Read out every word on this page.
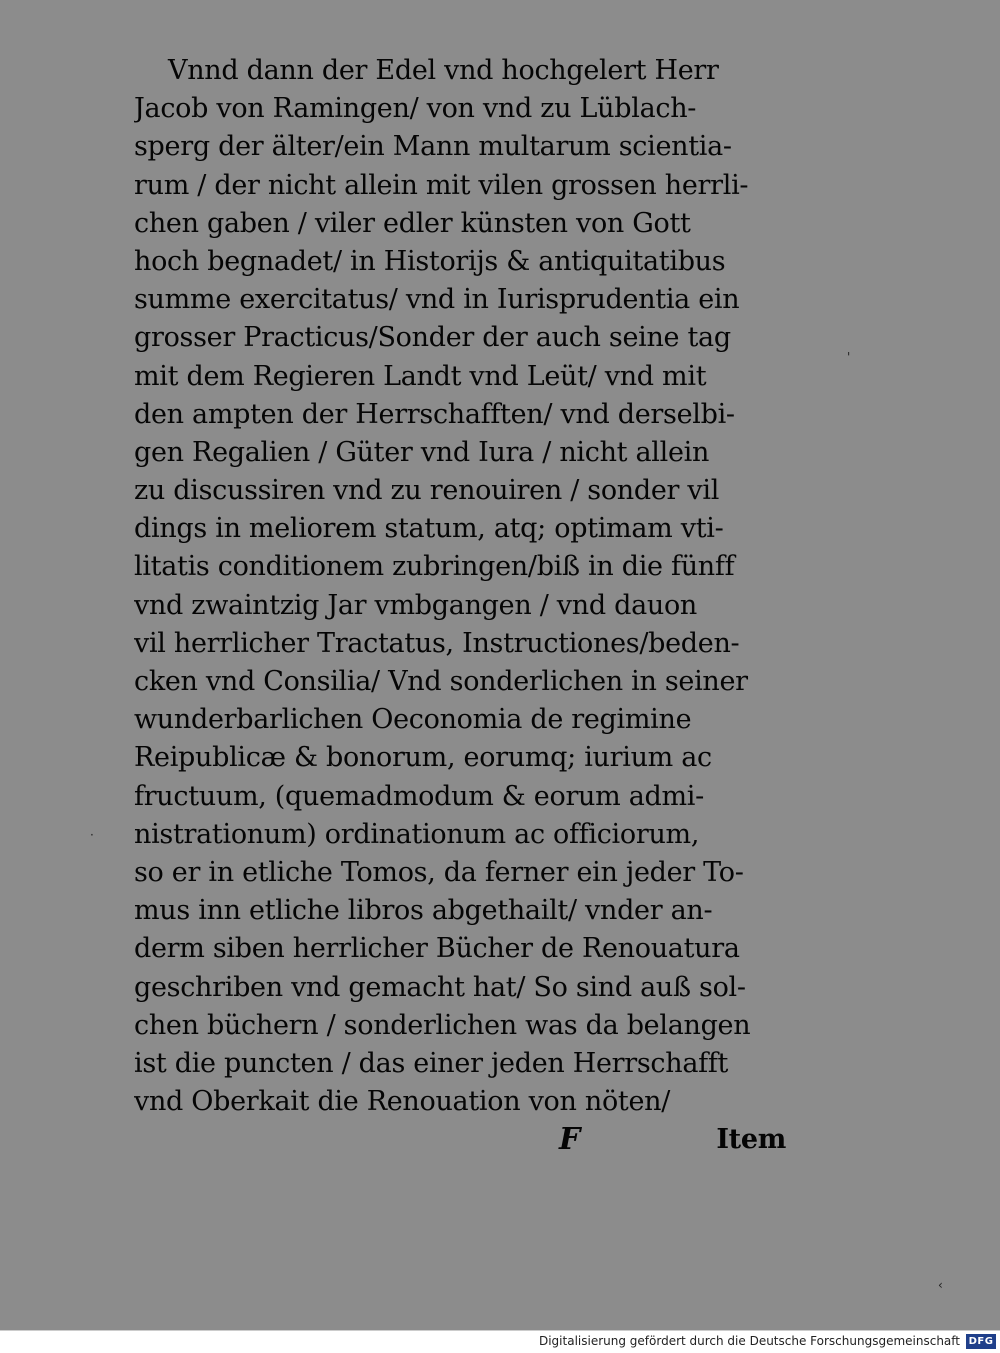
Vnnd dann der Edel vnd hochgelert Herr
Jacob von Ramingen/ von vnd zu Lüblach-
sperg der älter/ein Mann multarum scientia-
rum / der nicht allein mit vilen grossen herrli-
chen gaben / viler edler künsten von Gott
hoch begnadet/ in Historijs & antiquitatibus
summe exercitatus/ vnd in Iurisprudentia ein
grosser Practicus/Sonder der auch seine tag
mit dem Regieren Landt vnd Leüt/ vnd mit
den ampten der Herrschafften/ vnd derselbi-
gen Regalien / Güter vnd Iura / nicht allein
zu discussiren vnd zu renouiren / sonder vil
dings in meliorem statum, atq; optimam vti-
litatis conditionem zubringen/biß in die fünff
vnd zwaintzig Jar vmbgangen / vnd dauon
vil herrlicher Tractatus, Instructiones/beden-
cken vnd Consilia/ Vnd sonderlichen in seiner
wunderbarlichen Oeconomia de regimine
Reipublicæ & bonorum, eorumq; iurium ac
fructuum, (quemadmodum & eorum admi-
nistrationum) ordinationum ac officiorum,
so er in etliche Tomos, da ferner ein jeder To-
mus inn etliche libros abgethailt/ vnder an-
derm siben herrlicher Bücher de Renouatura
geschriben vnd gemacht hat/ So sind auß sol-
chen büchern / sonderlichen was da belangen
ist die puncten / das einer jeden Herrschafft
vnd Oberkait die Renouation von nöten/
F	Item
'
·
‹
Digitalisierung gefördert durch die Deutsche Forschungsgemeinschaft DFG
